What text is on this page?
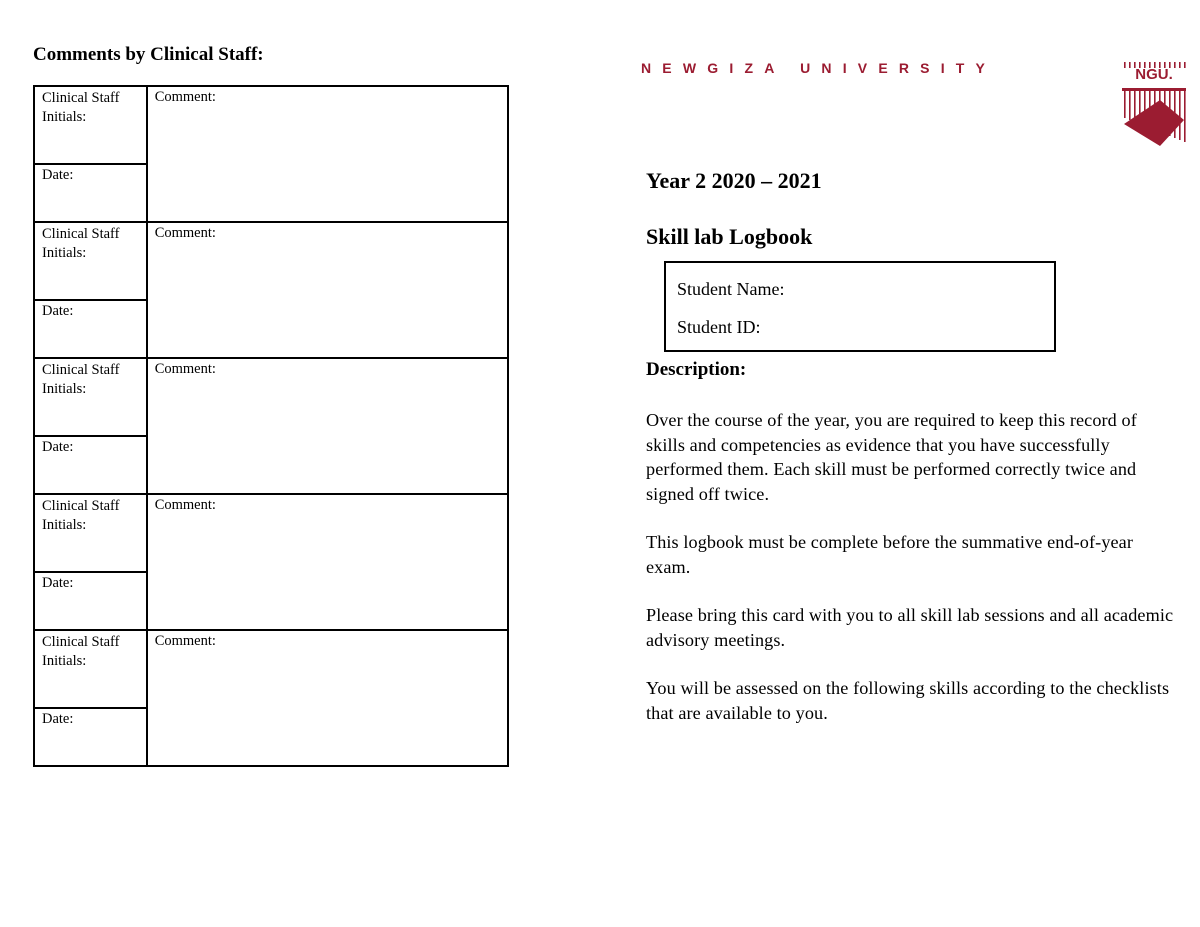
Comments by Clinical Staff:
Clinical Staff Initials:	Comment:
Date:	
Clinical Staff Initials:	Comment:
Date:	
Clinical Staff Initials:	Comment:
Date:	
Clinical Staff Initials:	Comment:
Date:	
Clinical Staff Initials:	Comment:
Date:	
NEWGIZA UNIVERSITY	NGU.
Year 2 2020 – 2021
Skill lab Logbook
Student Name:
Student ID:
Description:

Over the course of the year, you are required to keep this record of skills and competencies as evidence that you have successfully performed them. Each skill must be performed correctly twice and signed off twice.

This logbook must be complete before the summative end-of-year exam.

Please bring this card with you to all skill lab sessions and all academic advisory meetings.

You will be assessed on the following skills according to the checklists that are available to you.
